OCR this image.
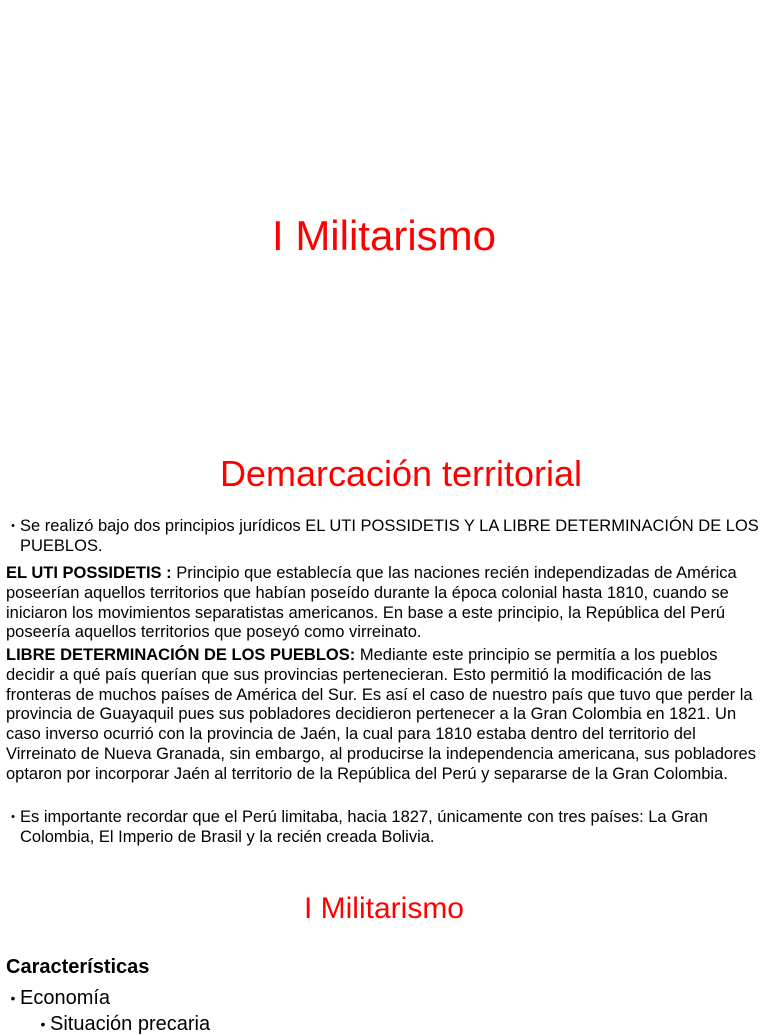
I Militarismo
Demarcación territorial
• Se realizó bajo dos principios jurídicos EL UTI POSSIDETIS Y LA LIBRE DETERMINACIÓN DE LOS PUEBLOS.

EL UTI POSSIDETIS : Principio que establecía que las naciones recién independizadas de América poseerían aquellos territorios que habían poseído durante la época colonial hasta 1810, cuando se iniciaron los movimientos separatistas americanos. En base a este principio, la República del Perú poseería aquellos territorios que poseyó como virreinato.

LIBRE DETERMINACIÓN DE LOS PUEBLOS: Mediante este principio se permitía a los pueblos decidir a qué país querían que sus provincias pertenecieran. Esto permitió la modificación de las fronteras de muchos países de América del Sur. Es así el caso de nuestro país que tuvo que perder la provincia de Guayaquil pues sus pobladores decidieron pertenecer a la Gran Colombia en 1821. Un caso inverso ocurrió con la provincia de Jaén, la cual para 1810 estaba dentro del territorio del Virreinato de Nueva Granada, sin embargo, al producirse la independencia americana, sus pobladores optaron por incorporar Jaén al territorio de la República del Perú y separarse de la Gran Colombia.

• Es importante recordar que el Perú limitaba, hacia 1827, únicamente con tres países: La Gran Colombia, El Imperio de Brasil y la recién creada Bolivia.
I Militarismo
Características
• Economía
• Situación precaria
